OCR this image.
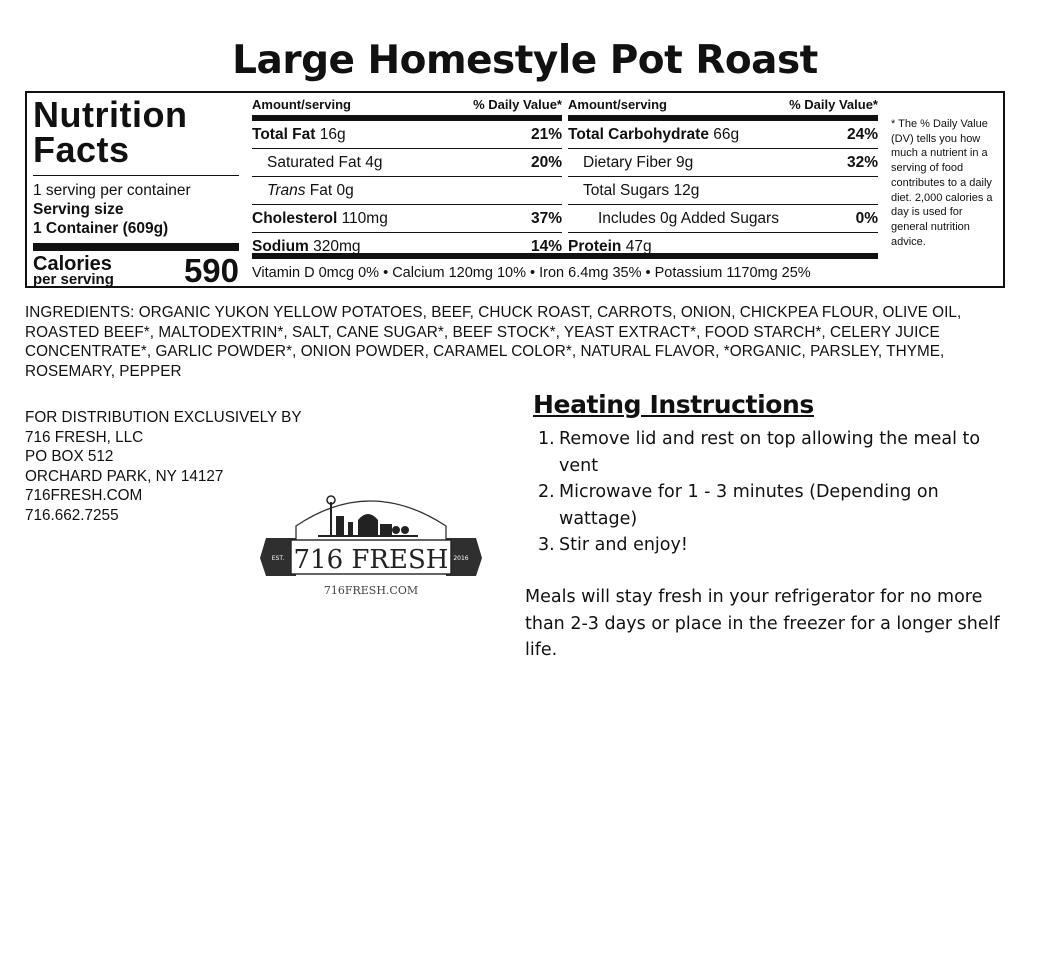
Large Homestyle Pot Roast
Nutrition
Facts
1 serving per container
Serving size
1 Container (609g)
Calories
per serving 590
Amount/serving	% Daily Value*
Total Fat 16g	21%
Saturated Fat 4g	20%
Trans Fat 0g
Cholesterol 110mg	37%
Sodium 320mg	14%
Amount/serving	% Daily Value*
Total Carbohydrate 66g	24%
Dietary Fiber 9g	32%
Total Sugars 12g
Includes 0g Added Sugars	0%
Protein 47g
Vitamin D 0mcg 0% • Calcium 120mg 10% • Iron 6.4mg 35% • Potassium 1170mg 25%
* The % Daily Value (DV) tells you how much a nutrient in a serving of food contributes to a daily diet. 2,000 calories a day is used for general nutrition advice.
INGREDIENTS: ORGANIC YUKON YELLOW POTATOES, BEEF, CHUCK ROAST, CARROTS, ONION, CHICKPEA FLOUR, OLIVE OIL, ROASTED BEEF*, MALTODEXTRIN*, SALT, CANE SUGAR*, BEEF STOCK*, YEAST EXTRACT*, FOOD STARCH*, CELERY JUICE CONCENTRATE*, GARLIC POWDER*, ONION POWDER, CARAMEL COLOR*, NATURAL FLAVOR, *ORGANIC, PARSLEY, THYME, ROSEMARY, PEPPER
FOR DISTRIBUTION EXCLUSIVELY BY
716 FRESH, LLC
PO BOX 512
ORCHARD PARK, NY 14127
716FRESH.COM
716.662.7255
EST.	2016
716 FRESH
716FRESH.COM
Heating Instructions
1. Remove lid and rest on top allowing the meal to vent
2. Microwave for 1 - 3 minutes (Depending on wattage)
3. Stir and enjoy!
Meals will stay fresh in your refrigerator for no more than 2-3 days or place in the freezer for a longer shelf life.
